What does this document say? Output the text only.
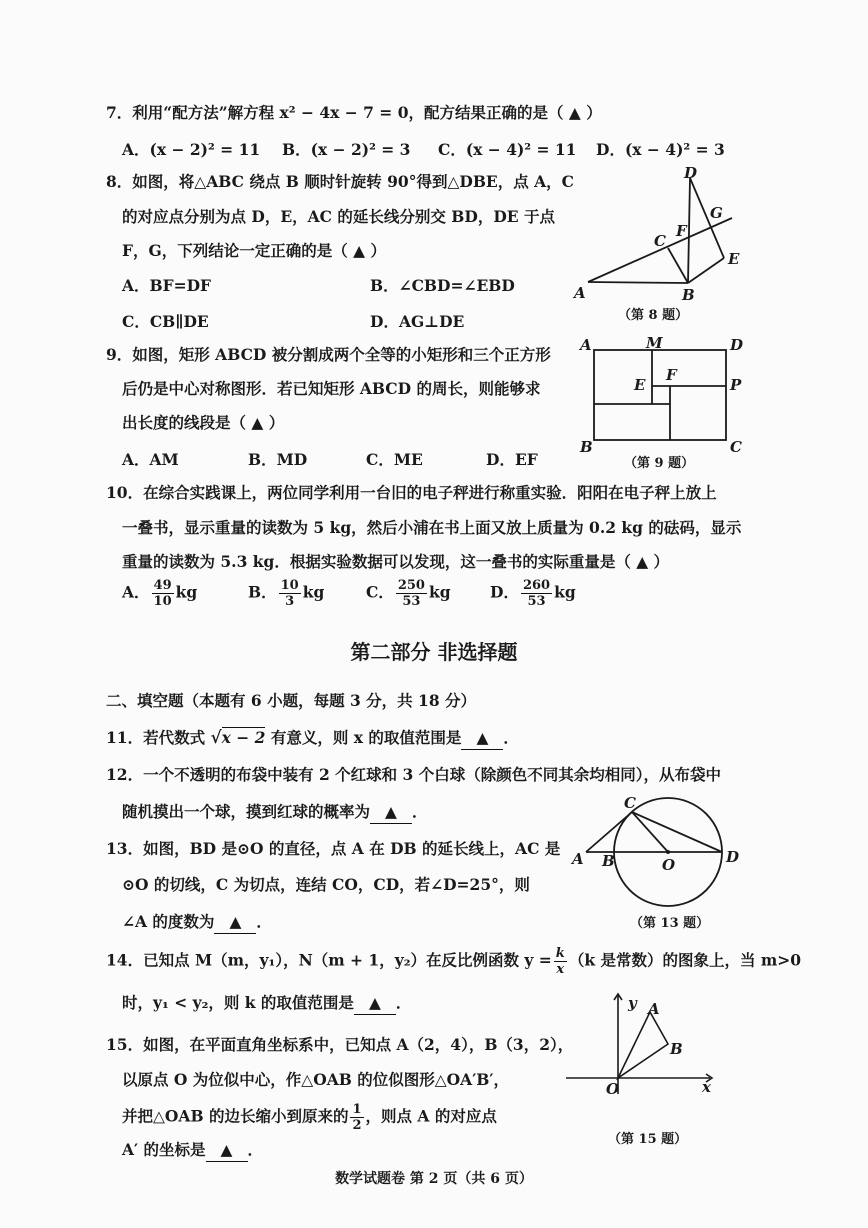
7．利用“配方法”解方程 x² − 4x − 7 = 0，配方结果正确的是（ ▲ ）
A．(x − 2)² = 11 B．(x − 2)² = 3 C．(x − 4)² = 11 D．(x − 4)² = 3
8．如图，将△ABC 绕点 B 顺时针旋转 90°得到△DBE，点 A，C
的对应点分别为点 D，E，AC 的延长线分别交 BD，DE 于点
F，G，下列结论一定正确的是（ ▲ ）
A．BF=DF	B．∠CBD=∠EBD
C．CB∥DE	D．AG⊥DE
A	B
C
D
E
F
G
（第 8 题）
9．如图，矩形 ABCD 被分割成两个全等的小矩形和三个正方形
后仍是中心对称图形．若已知矩形 ABCD 的周长，则能够求
出长度的线段是（ ▲ ）
A．AM	B．MD	C．ME	D．EF
A	M	D
E
F
P
B	C
（第 9 题）
10．在综合实践课上，两位同学利用一台旧的电子秤进行称重实验．阳阳在电子秤上放上
一叠书，显示重量的读数为 5 kg，然后小浦在书上面又放上质量为 0.2 kg 的砝码，显示
重量的读数为 5.3 kg．根据实验数据可以发现，这一叠书的实际重量是（ ▲ ）
A． $\frac{49}{10}$ kg	B． $\frac{10}{3}$ kg	C． $\frac{250}{53}$ kg	D． $\frac{260}{53}$ kg
第二部分 非选择题
二、填空题（本题有 6 小题，每题 3 分，共 18 分）
11．若代数式 √x − 2 有意义，则 x 的取值范围是 ▲ ．
12．一个不透明的布袋中装有 2 个红球和 3 个白球（除颜色不同其余均相同），从布袋中
随机摸出一个球，摸到红球的概率为 ▲ ．
13．如图，BD 是⊙O 的直径，点 A 在 DB 的延长线上，AC 是
⊙O 的切线，C 为切点，连结 CO，CD，若∠D=25°，则
∠A 的度数为 ▲ ．
A B
C
O	D
（第 13 题）
14．已知点 M（m，y₁），N（m + 1，y₂）在反比例函数 $y = \frac{k}{x} (k$ 是常数）的图象上，当 m>0
时，y₁ < y₂，则 k 的取值范围是 ▲ ．
15．如图，在平面直角坐标系中，已知点 A（2，4），B（3，2），
以原点 O 为位似中心，作△OAB 的位似图形△OA′B′，
并把△OAB 的边长缩小到原来的 $\frac{1}{2}$ ，则点 A 的对应点
A′ 的坐标是 ▲ ．
y
x
O
A
B
（第 15 题）
数学试题卷 第 2 页（共 6 页）
